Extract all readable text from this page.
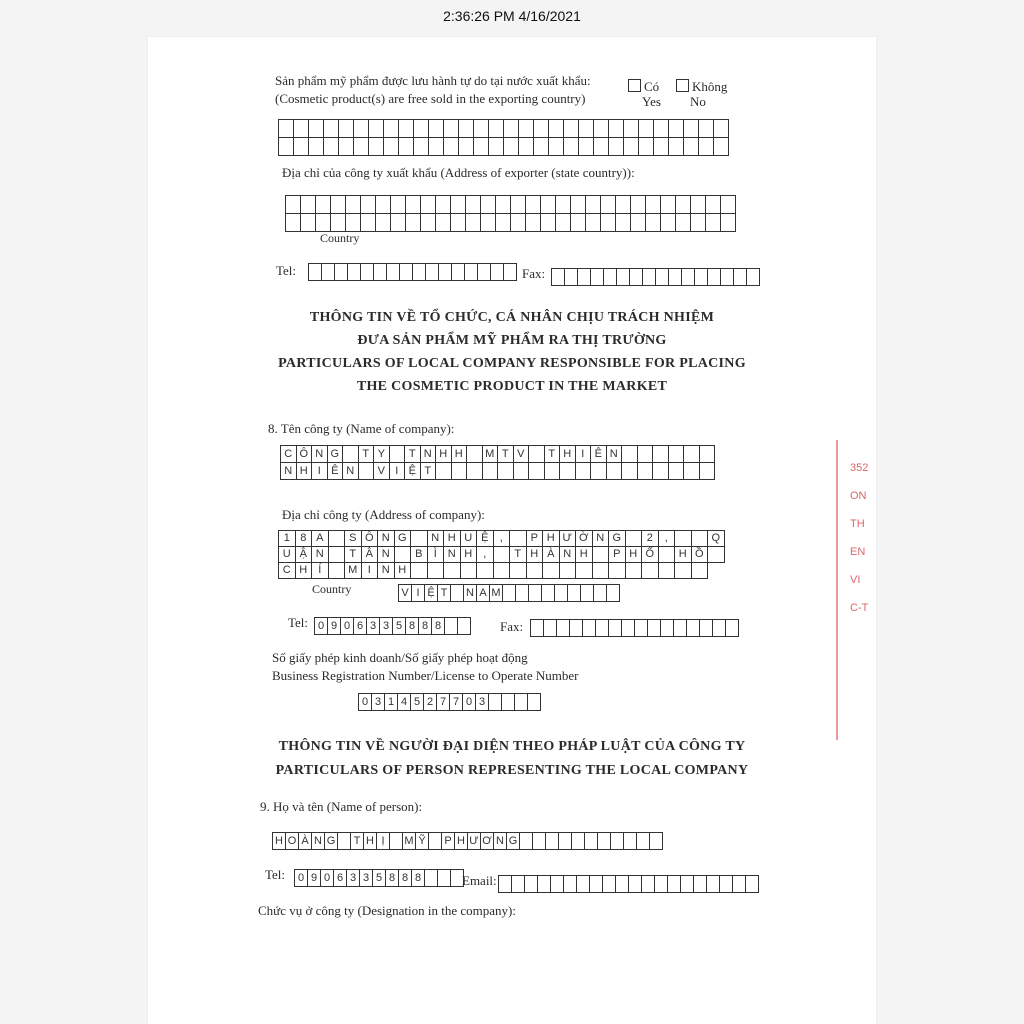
2:36:26 PM 4/16/2021
Sản phẩm mỹ phẩm được lưu hành tự do tại nước xuất khẩu:
(Cosmetic product(s) are free sold in the exporting country)
Có
Yes
Không
No
Địa chỉ của công ty xuất khẩu (Address of exporter (state country)):
Country
Tel:	Fax:
THÔNG TIN VỀ TỔ CHỨC, CÁ NHÂN CHỊU TRÁCH NHIỆM
ĐƯA SẢN PHẨM MỸ PHẨM RA THỊ TRƯỜNG
PARTICULARS OF LOCAL COMPANY RESPONSIBLE FOR PLACING
THE COSMETIC PRODUCT IN THE MARKET
8. Tên công ty (Name of company):
C Ô N G	T Y	T N H H	M T V	T H I Ê N
N H I Ê N	V I Ệ T
Địa chỉ công ty (Address of company):
1 8 A	S Ô N G	N H U Ệ	,	P H Ư Ờ N G	2	,	Q
U Ậ N	T Â N	B	Ì N H	,	T H À N H	P H Ố	H Ồ
C H	Í	M I N H
Country	V I Ệ T	N A M
Tel: 0 9 0 6 3 3 5 8 8 8	Fax:
Số giấy phép kinh doanh/Số giấy phép hoạt động
Business Registration Number/License to Operate Number
0 3 1 4 5 2 7 7 0 3
THÔNG TIN VỀ NGƯỜI ĐẠI DIỆN THEO PHÁP LUẬT CỦA CÔNG TY
PARTICULARS OF PERSON REPRESENTING THE LOCAL COMPANY
9. Họ và tên (Name of person):
H O À N G T H Ị	M Ỹ	P H Ư Ơ N G
Tel: 0 9 0 6 3 3 5 8 8 8	Email:
Chức vụ ở công ty (Designation in the company):
352
ON
TH
EN
VI
C-T
